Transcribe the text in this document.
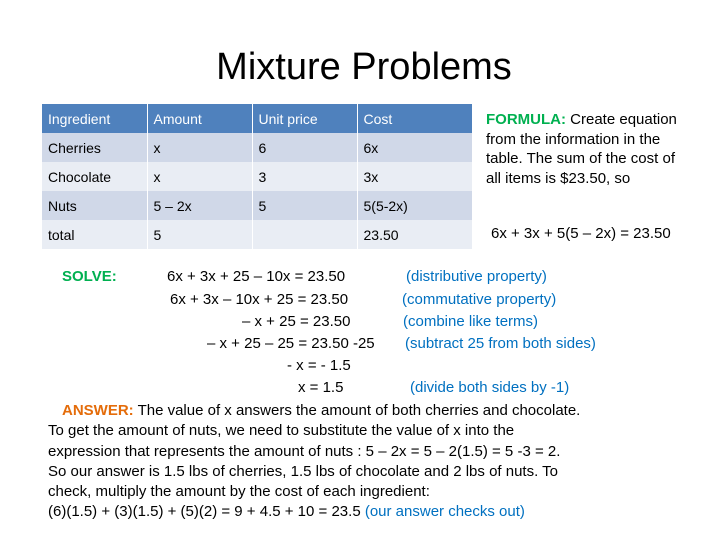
Mixture Problems
Ingredient	Amount	Unit price	Cost
Cherries	x	6	6x
Chocolate	x	3	3x
Nuts	5 – 2x	5	5(5-2x)
total	5		23.50
FORMULA: Create equation from the information in the table. The sum of the cost of all items is $23.50, so
6x + 3x + 5(5 – 2x) = 23.50
SOLVE:	6x + 3x + 25 – 10x = 23.50	(distributive property)
6x + 3x – 10x + 25 = 23.50	(commutative property)
– x + 25 = 23.50	(combine like terms)
– x + 25 – 25 = 23.50 -25 (subtract 25 from both sides)
- x = - 1.5
x = 1.5	(divide both sides by -1)
ANSWER: The value of x answers the amount of both cherries and chocolate.
To get the amount of nuts, we need to substitute the value of x into the
expression that represents the amount of nuts : 5 – 2x = 5 – 2(1.5) = 5 -3 = 2.
So our answer is 1.5 lbs of cherries, 1.5 lbs of chocolate and 2 lbs of nuts. To
check, multiply the amount by the cost of each ingredient:
(6)(1.5) + (3)(1.5) + (5)(2) = 9 + 4.5 + 10 = 23.5 (our answer checks out)
